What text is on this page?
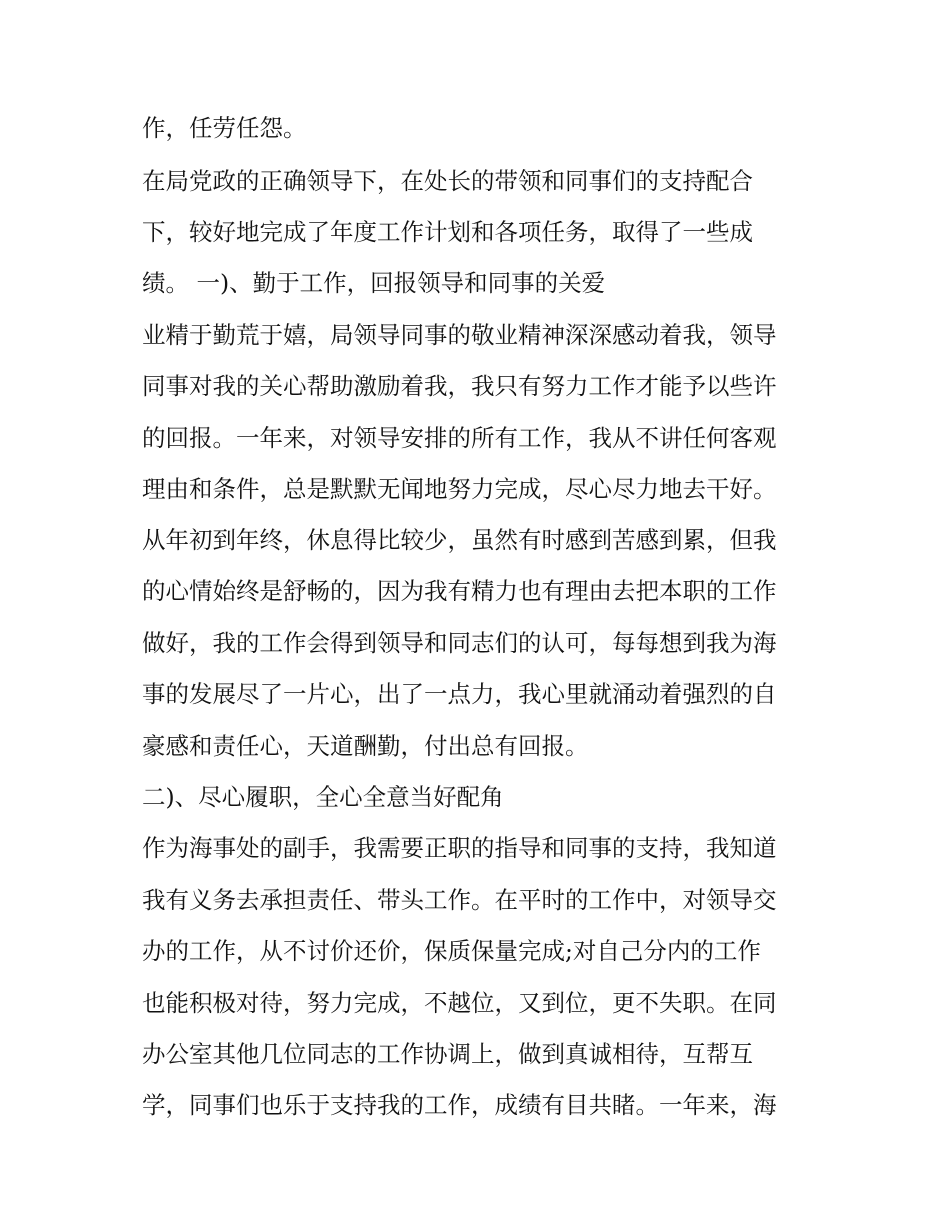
作，任劳任怨。

在局党政的正确领导下，在处长的带领和同事们的支持配合

下，较好地完成了年度工作计划和各项任务，取得了一些成

绩。 一)、勤于工作，回报领导和同事的关爱

业精于勤荒于嬉，局领导同事的敬业精神深深感动着我，领导

同事对我的关心帮助激励着我，我只有努力工作才能予以些许

的回报。一年来，对领导安排的所有工作，我从不讲任何客观

理由和条件，总是默默无闻地努力完成，尽心尽力地去干好。

从年初到年终，休息得比较少，虽然有时感到苦感到累，但我

的心情始终是舒畅的，因为我有精力也有理由去把本职的工作

做好，我的工作会得到领导和同志们的认可，每每想到我为海

事的发展尽了一片心，出了一点力，我心里就涌动着强烈的自

豪感和责任心，天道酬勤，付出总有回报。

二)、尽心履职，全心全意当好配角

作为海事处的副手，我需要正职的指导和同事的支持，我知道

我有义务去承担责任、带头工作。在平时的工作中，对领导交

办的工作，从不讨价还价，保质保量完成;对自己分内的工作

也能积极对待，努力完成，不越位，又到位，更不失职。在同

办公室其他几位同志的工作协调上，做到真诚相待，互帮互

学，同事们也乐于支持我的工作，成绩有目共睹。一年来，海
